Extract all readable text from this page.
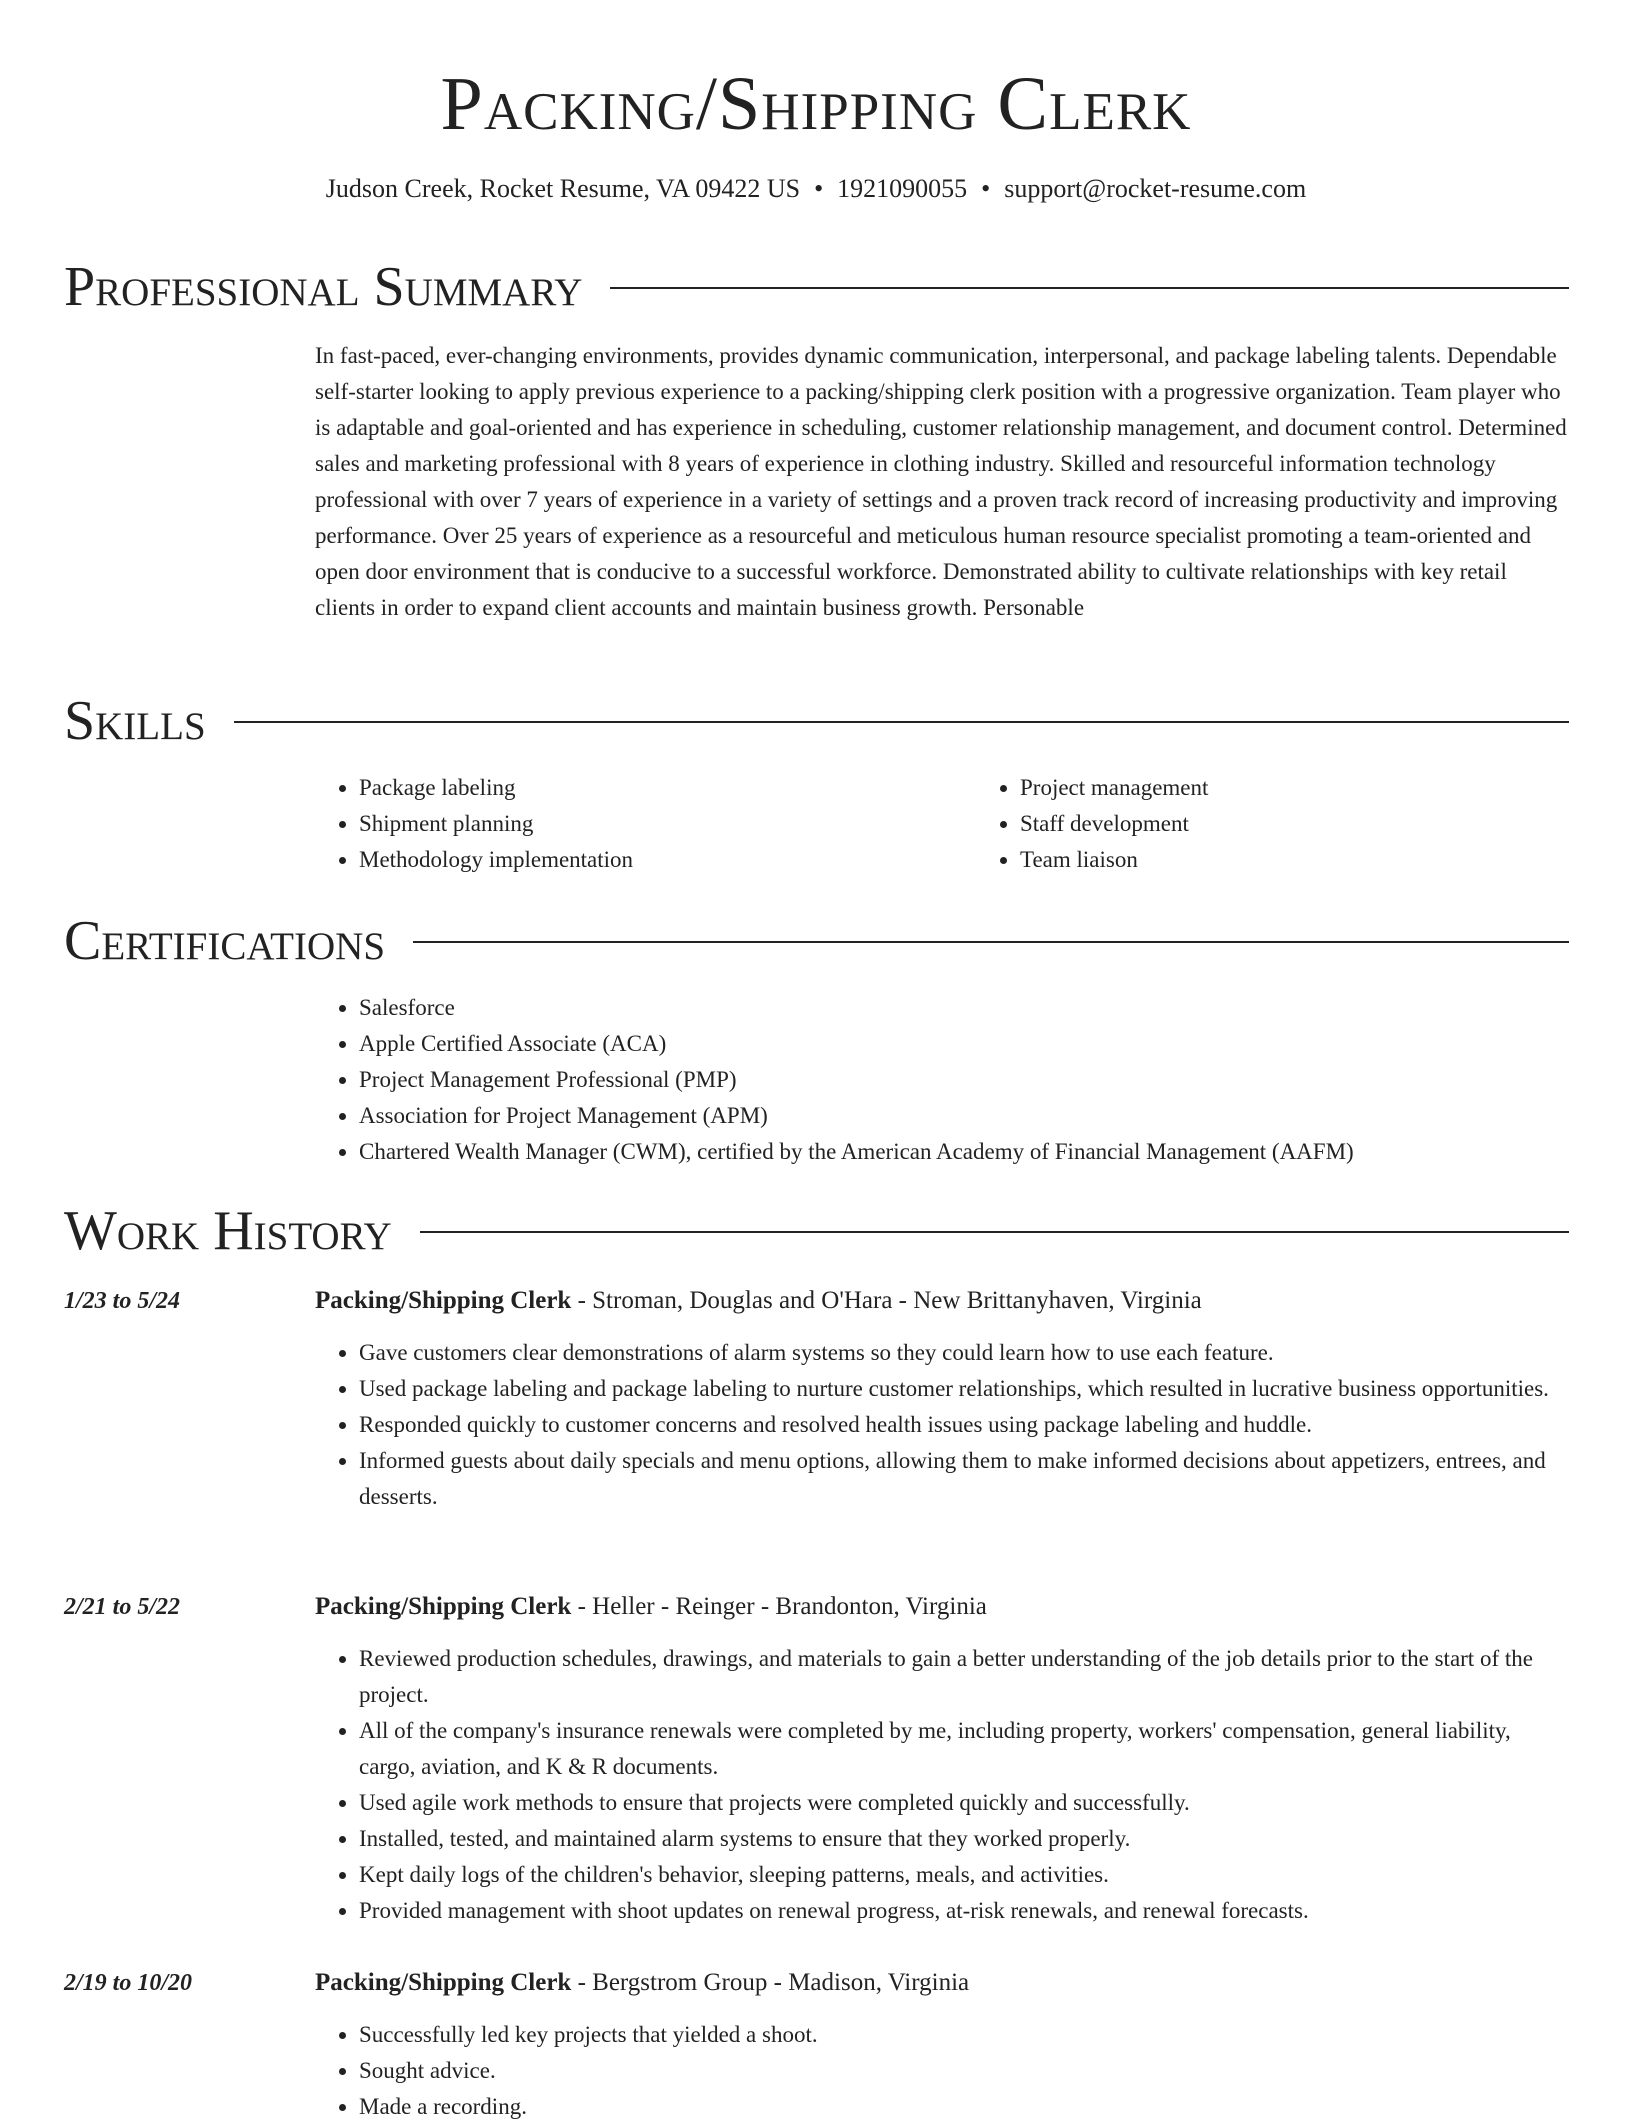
Packing/Shipping Clerk
Judson Creek, Rocket Resume, VA 09422 US • 1921090055 • support@rocket-resume.com
Professional Summary

In fast-paced, ever-changing environments, provides dynamic communication, interpersonal, and package labeling talents. Dependable self-starter looking to apply previous experience to a packing/shipping clerk position with a progressive organization. Team player who is adaptable and goal-oriented and has experience in scheduling, customer relationship management, and document control. Determined sales and marketing professional with 8 years of experience in clothing industry. Skilled and resourceful information technology professional with over 7 years of experience in a variety of settings and a proven track record of increasing productivity and improving performance. Over 25 years of experience as a resourceful and meticulous human resource specialist promoting a team-oriented and open door environment that is conducive to a successful workforce. Demonstrated ability to cultivate relationships with key retail clients in order to expand client accounts and maintain business growth. Personable

Skills
• Package labeling
• Shipment planning
• Methodology implementation
• Project management
• Staff development
• Team liaison
Certifications
• Salesforce
• Apple Certified Associate (ACA)
• Project Management Professional (PMP)
• Association for Project Management (APM)
• Chartered Wealth Manager (CWM), certified by the American Academy of Financial Management (AAFM)
Work History
1/23 to 5/24	Packing/Shipping Clerk - Stroman, Douglas and O'Hara - New Brittanyhaven, Virginia
• Gave customers clear demonstrations of alarm systems so they could learn how to use each feature.
• Used package labeling and package labeling to nurture customer relationships, which resulted in lucrative business opportunities.
• Responded quickly to customer concerns and resolved health issues using package labeling and huddle.
• Informed guests about daily specials and menu options, allowing them to make informed decisions about appetizers, entrees, and desserts.
2/21 to 5/22	Packing/Shipping Clerk - Heller - Reinger - Brandonton, Virginia
• Reviewed production schedules, drawings, and materials to gain a better understanding of the job details prior to the start of the project.
• All of the company's insurance renewals were completed by me, including property, workers' compensation, general liability, cargo, aviation, and K & R documents.
• Used agile work methods to ensure that projects were completed quickly and successfully.
• Installed, tested, and maintained alarm systems to ensure that they worked properly.
• Kept daily logs of the children's behavior, sleeping patterns, meals, and activities.
• Provided management with shoot updates on renewal progress, at-risk renewals, and renewal forecasts.
2/19 to 10/20	Packing/Shipping Clerk - Bergstrom Group - Madison, Virginia
• Successfully led key projects that yielded a shoot.
• Sought advice.
• Made a recording.
